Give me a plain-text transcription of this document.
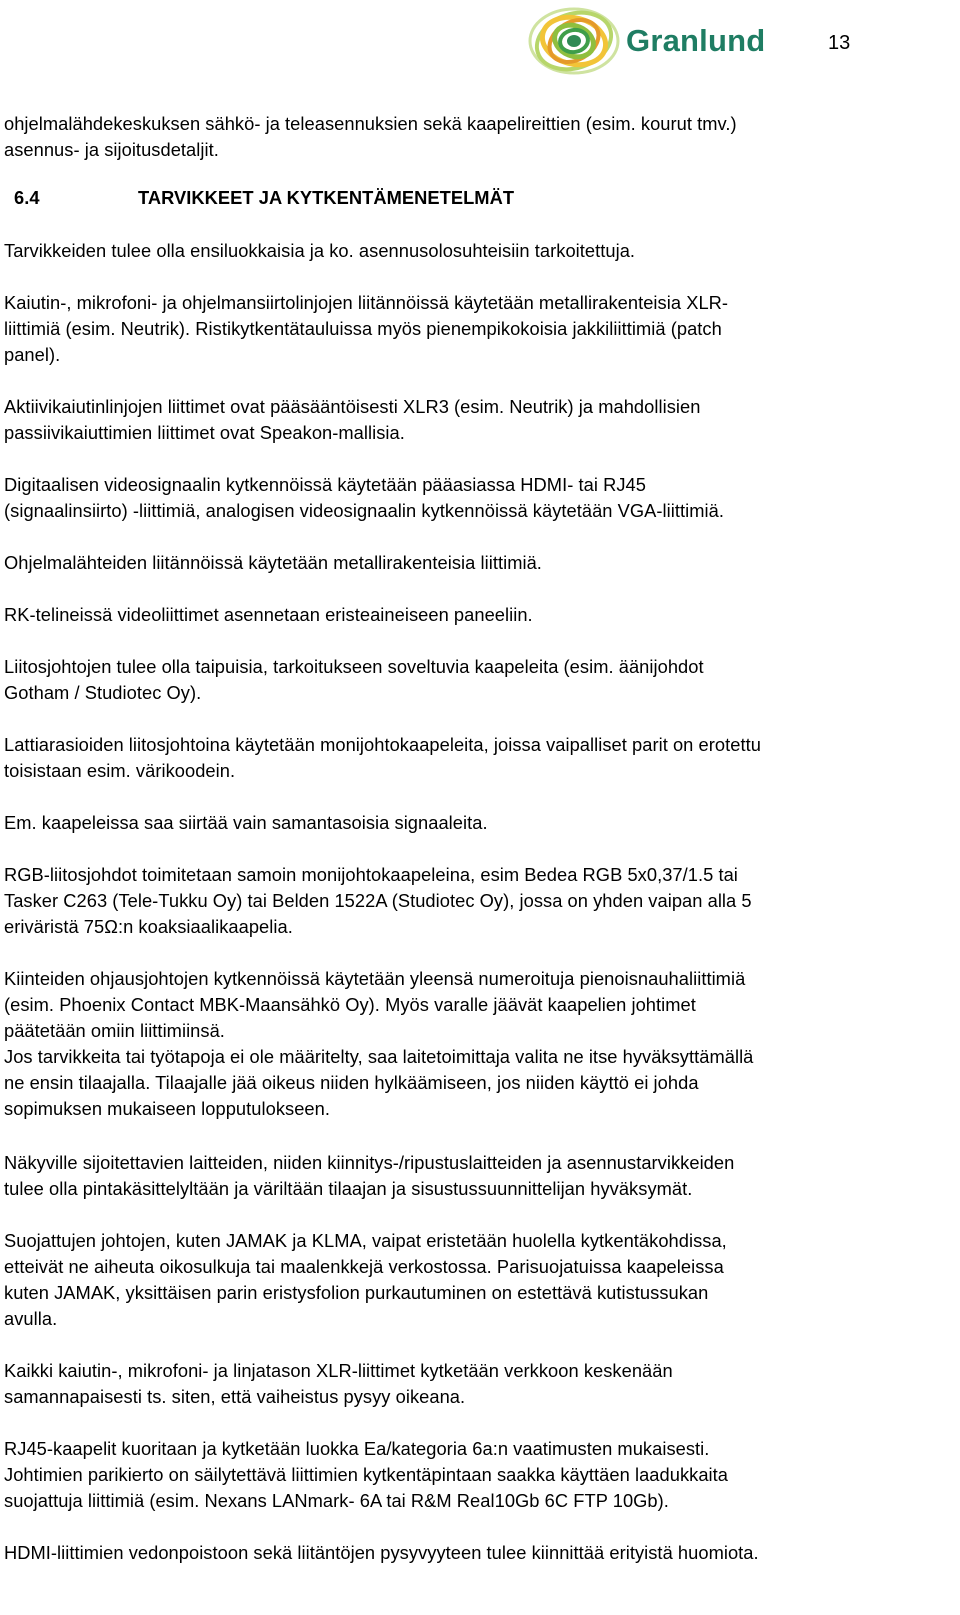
Granlund	13

ohjelmalähdekeskuksen sähkö- ja teleasennuksien sekä kaapelireittien (esim. kourut tmv.)

asennus- ja sijoitusdetaljit.

6.4	TARVIKKEET JA KYTKENTÄMENETELMÄT

Tarvikkeiden tulee olla ensiluokkaisia ja ko. asennusolosuhteisiin tarkoitettuja.

Kaiutin-, mikrofoni- ja ohjelmansiirtolinjojen liitännöissä käytetään metallirakenteisia XLR-

liittimiä (esim. Neutrik). Ristikytkentätauluissa myös pienempikokoisia jakkiliittimiä (patch

panel).

Aktiivikaiutinlinjojen liittimet ovat pääsääntöisesti XLR3 (esim. Neutrik) ja mahdollisien

passiivikaiuttimien liittimet ovat Speakon-mallisia.

Digitaalisen videosignaalin kytkennöissä käytetään pääasiassa HDMI- tai RJ45

(signaalinsiirto) -liittimiä, analogisen videosignaalin kytkennöissä käytetään VGA-liittimiä.

Ohjelmalähteiden liitännöissä käytetään metallirakenteisia liittimiä.

RK-telineissä videoliittimet asennetaan eristeaineiseen paneeliin.

Liitosjohtojen tulee olla taipuisia, tarkoitukseen soveltuvia kaapeleita (esim. äänijohdot

Gotham / Studiotec Oy).

Lattiarasioiden liitosjohtoina käytetään monijohtokaapeleita, joissa vaipalliset parit on erotettu

toisistaan esim. värikoodein.

Em. kaapeleissa saa siirtää vain samantasoisia signaaleita.

RGB-liitosjohdot toimitetaan samoin monijohtokaapeleina, esim Bedea RGB 5x0,37/1.5 tai

Tasker C263 (Tele-Tukku Oy) tai Belden 1522A (Studiotec Oy), jossa on yhden vaipan alla 5

eriväristä 75Ω:n koaksiaalikaapelia.

Kiinteiden ohjausjohtojen kytkennöissä käytetään yleensä numeroituja pienoisnauhaliittimiä

(esim. Phoenix Contact MBK-Maansähkö Oy). Myös varalle jäävät kaapelien johtimet

päätetään omiin liittimiinsä.

Jos tarvikkeita tai työtapoja ei ole määritelty, saa laitetoimittaja valita ne itse hyväksyttämällä

ne ensin tilaajalla. Tilaajalle jää oikeus niiden hylkäämiseen, jos niiden käyttö ei johda

sopimuksen mukaiseen lopputulokseen.

Näkyville sijoitettavien laitteiden, niiden kiinnitys-/ripustuslaitteiden ja asennustarvikkeiden

tulee olla pintakäsittelyltään ja väriltään tilaajan ja sisustussuunnittelijan hyväksymät.

Suojattujen johtojen, kuten JAMAK ja KLMA, vaipat eristetään huolella kytkentäkohdissa,

etteivät ne aiheuta oikosulkuja tai maalenkkejä verkostossa. Parisuojatuissa kaapeleissa

kuten JAMAK, yksittäisen parin eristysfolion purkautuminen on estettävä kutistussukan

avulla.

Kaikki kaiutin-, mikrofoni- ja linjatason XLR-liittimet kytketään verkkoon keskenään

samannapaisesti ts. siten, että vaiheistus pysyy oikeana.

RJ45-kaapelit kuoritaan ja kytketään luokka Ea/kategoria 6a:n vaatimusten mukaisesti.

Johtimien parikierto on säilytettävä liittimien kytkentäpintaan saakka käyttäen laadukkaita

suojattuja liittimiä (esim. Nexans LANmark- 6A tai R&M Real10Gb 6C FTP 10Gb).

HDMI-liittimien vedonpoistoon sekä liitäntöjen pysyvyyteen tulee kiinnittää erityistä huomiota.
